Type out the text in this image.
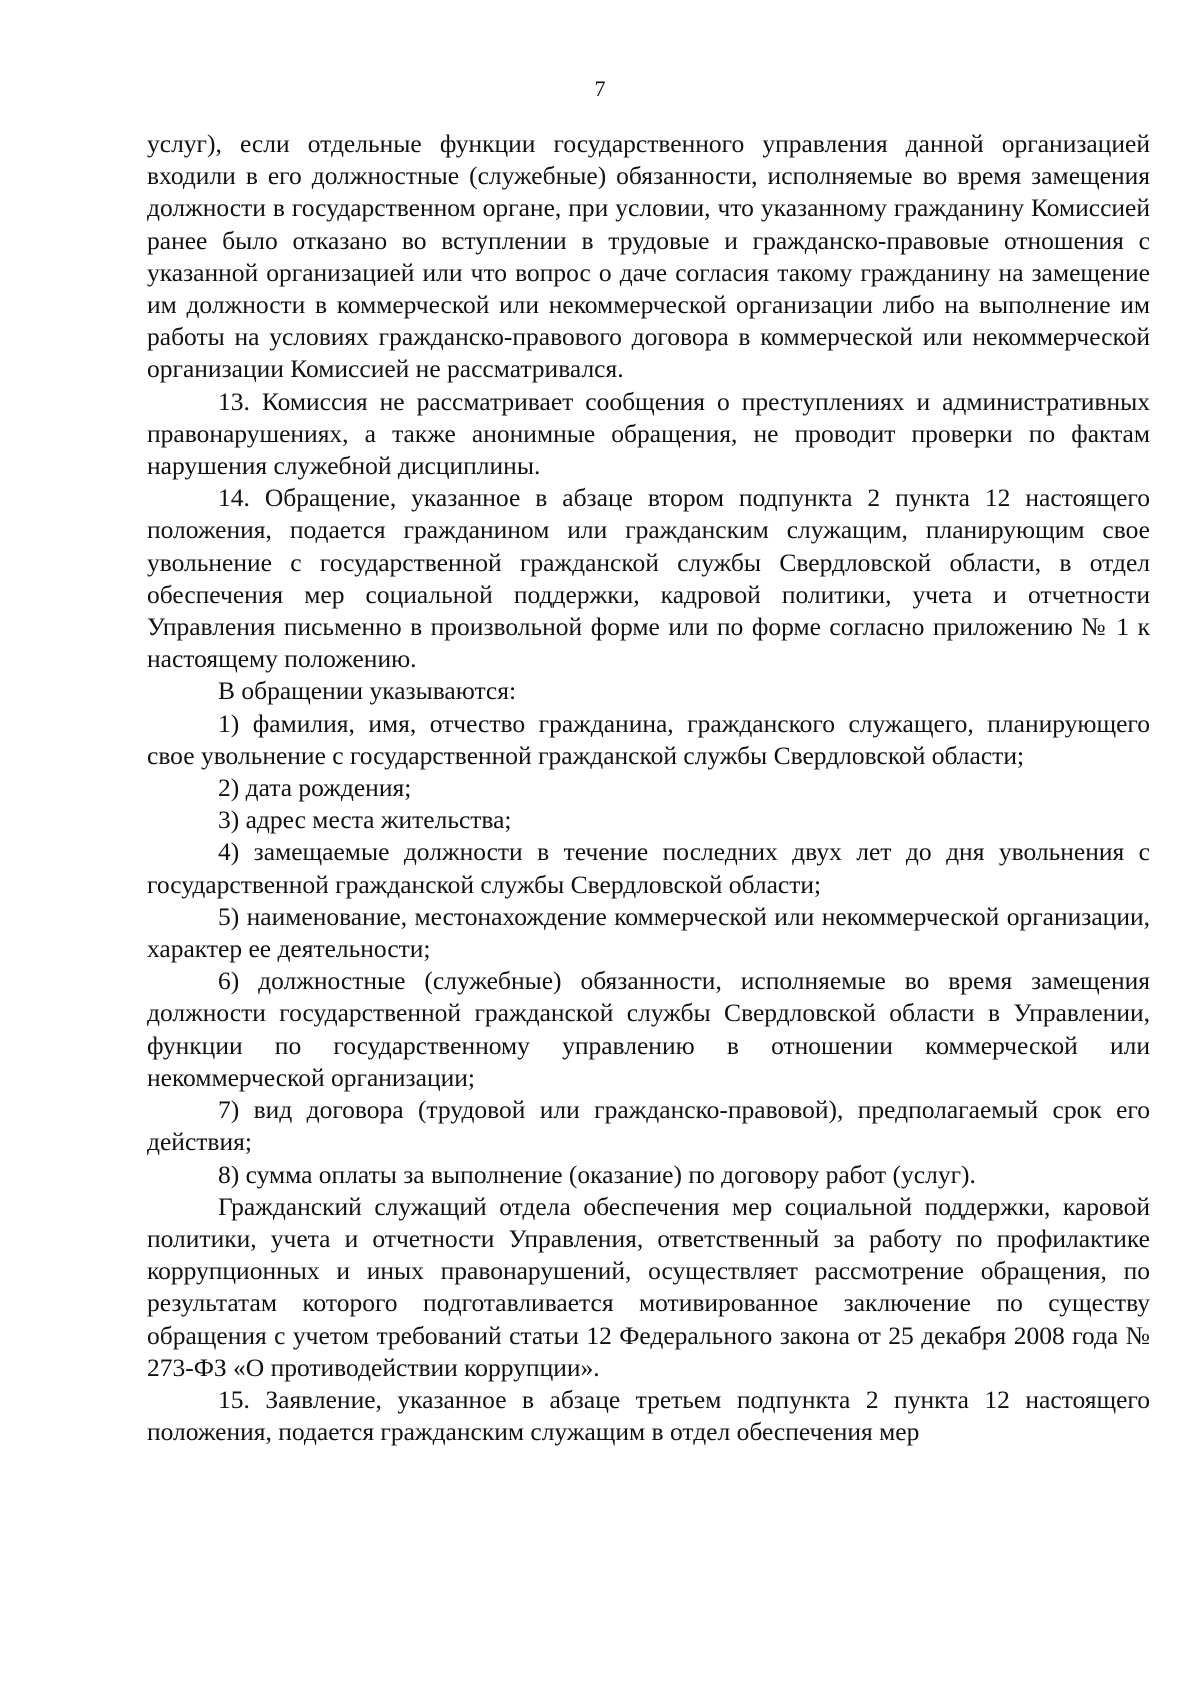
7

услуг), если отдельные функции государственного управления данной организацией входили в его должностные (служебные) обязанности, исполняемые во время замещения должности в государственном органе, при условии, что указанному гражданину Комиссией ранее было отказано во вступлении в трудовые и гражданско-правовые отношения с указанной организацией или что вопрос о даче согласия такому гражданину на замещение им должности в коммерческой или некоммерческой организации либо на выполнение им работы на условиях гражданско-правового договора в коммерческой или некоммерческой организации Комиссией не рассматривался.

13. Комиссия не рассматривает сообщения о преступлениях и административных правонарушениях, а также анонимные обращения, не проводит проверки по фактам нарушения служебной дисциплины.

14. Обращение, указанное в абзаце втором подпункта 2 пункта 12 настоящего положения, подается гражданином или гражданским служащим, планирующим свое увольнение с государственной гражданской службы Свердловской области, в отдел обеспечения мер социальной поддержки, кадровой политики, учета и отчетности Управления письменно в произвольной форме или по форме согласно приложению № 1 к настоящему положению.

В обращении указываются:

1) фамилия, имя, отчество гражданина, гражданского служащего, планирующего свое увольнение с государственной гражданской службы Свердловской области;

2) дата рождения;

3) адрес места жительства;

4) замещаемые должности в течение последних двух лет до дня увольнения с государственной гражданской службы Свердловской области;

5) наименование, местонахождение коммерческой или некоммерческой организации, характер ее деятельности;

6) должностные (служебные) обязанности, исполняемые во время замещения должности государственной гражданской службы Свердловской области в Управлении, функции по государственному управлению в отношении коммерческой или некоммерческой организации;

7) вид договора (трудовой или гражданско-правовой), предполагаемый срок его действия;

8) сумма оплаты за выполнение (оказание) по договору работ (услуг).

Гражданский служащий отдела обеспечения мер социальной поддержки, каровой политики, учета и отчетности Управления, ответственный за работу по профилактике коррупционных и иных правонарушений, осуществляет рассмотрение обращения, по результатам которого подготавливается мотивированное заключение по существу обращения с учетом требований статьи 12 Федерального закона от 25 декабря 2008 года № 273-ФЗ «О противодействии коррупции».

15. Заявление, указанное в абзаце третьем подпункта 2 пункта 12 настоящего положения, подается гражданским служащим в отдел обеспечения мер
